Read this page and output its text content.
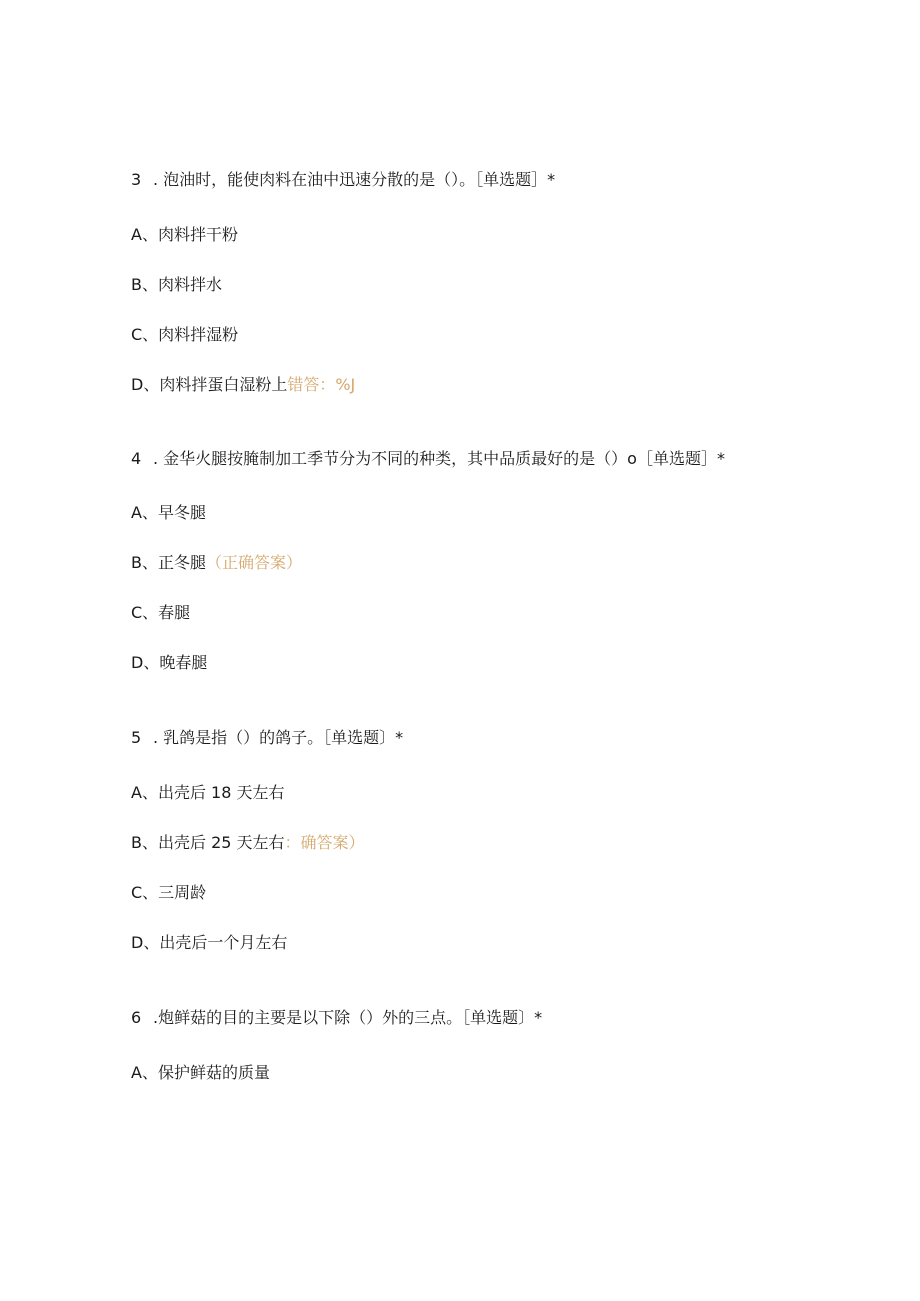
3 . 泡油时，能使肉料在油中迅速分散的是（）。［单选题］*
A、肉料拌干粉
B、肉料拌水
C、肉料拌湿粉
D、肉料拌蛋白湿粉上错答：%J
4 . 金华火腿按腌制加工季节分为不同的种类，其中品质最好的是（）o［单选题］*
A、早冬腿
B、正冬腿（正确答案）
C、春腿
D、晚春腿
5 . 乳鸽是指（）的鸽子。［单选题〕*
A、出壳后 18 天左右
B、出壳后 25 天左右：确答案）
C、三周龄
D、出壳后一个月左右
6 .炮鲜菇的目的主要是以下除（）外的三点。［单选题〕*
A、保护鲜菇的质量
